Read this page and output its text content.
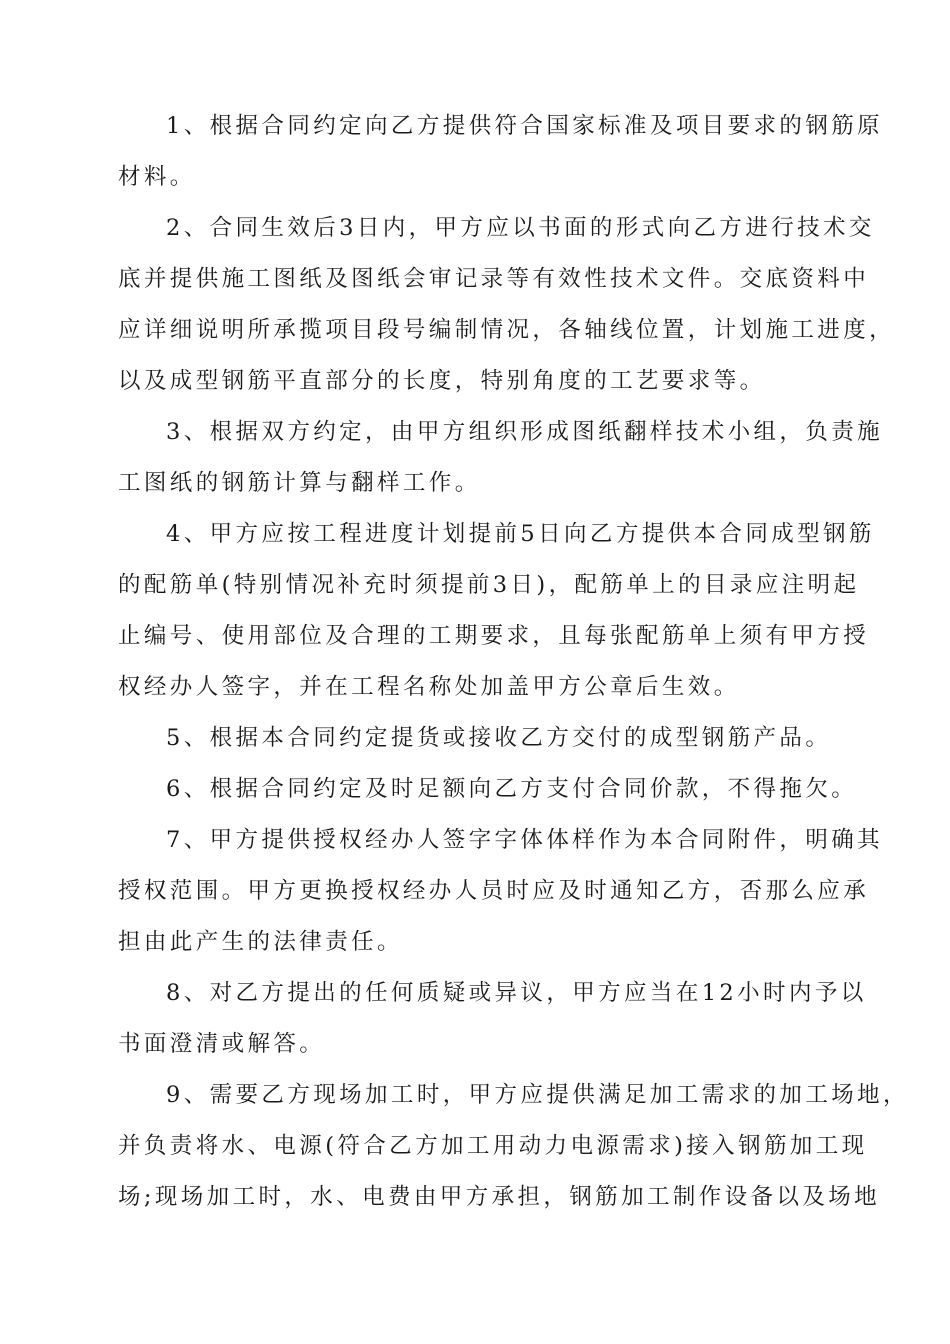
1、根据合同约定向乙方提供符合国家标准及项目要求的钢筋原
材料。

2、合同生效后3日内，甲方应以书面的形式向乙方进行技术交
底并提供施工图纸及图纸会审记录等有效性技术文件。交底资料中
应详细说明所承揽项目段号编制情况，各轴线位置，计划施工进度，
以及成型钢筋平直部分的长度，特别角度的工艺要求等。

3、根据双方约定，由甲方组织形成图纸翻样技术小组，负责施
工图纸的钢筋计算与翻样工作。

4、甲方应按工程进度计划提前5日向乙方提供本合同成型钢筋
的配筋单(特别情况补充时须提前3日)，配筋单上的目录应注明起
止编号、使用部位及合理的工期要求，且每张配筋单上须有甲方授
权经办人签字，并在工程名称处加盖甲方公章后生效。

5、根据本合同约定提货或接收乙方交付的成型钢筋产品。

6、根据合同约定及时足额向乙方支付合同价款，不得拖欠。

7、甲方提供授权经办人签字字体体样作为本合同附件，明确其
授权范围。甲方更换授权经办人员时应及时通知乙方，否那么应承
担由此产生的法律责任。

8、对乙方提出的任何质疑或异议，甲方应当在12小时内予以
书面澄清或解答。

9、需要乙方现场加工时，甲方应提供满足加工需求的加工场地，
并负责将水、电源(符合乙方加工用动力电源需求)接入钢筋加工现
场;现场加工时，水、电费由甲方承担，钢筋加工制作设备以及场地
